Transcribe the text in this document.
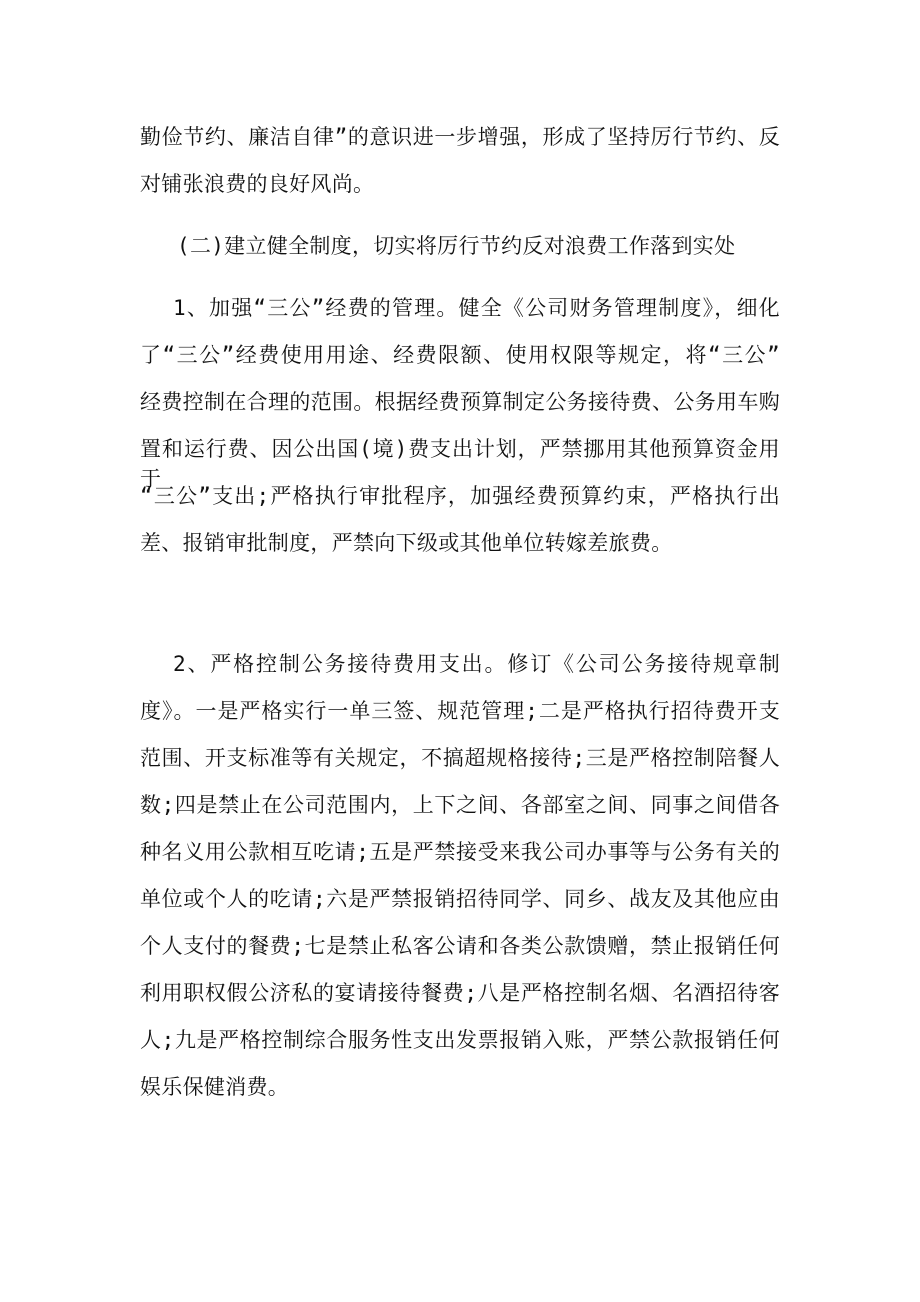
勤俭节约、廉洁自律”的意识进一步增强，形成了坚持厉行节约、反
对铺张浪费的良好风尚。
(二)建立健全制度，切实将厉行节约反对浪费工作落到实处
1、加强“三公”经费的管理。健全《公司财务管理制度》，细化
了“三公”经费使用用途、经费限额、使用权限等规定，将“三公”
经费控制在合理的范围。根据经费预算制定公务接待费、公务用车购
置和运行费、因公出国(境)费支出计划，严禁挪用其他预算资金用于
“三公”支出;严格执行审批程序，加强经费预算约束，严格执行出
差、报销审批制度，严禁向下级或其他单位转嫁差旅费。
2、严格控制公务接待费用支出。修订《公司公务接待规章制
度》。一是严格实行一单三签、规范管理;二是严格执行招待费开支
范围、开支标准等有关规定，不搞超规格接待;三是严格控制陪餐人
数;四是禁止在公司范围内，上下之间、各部室之间、同事之间借各
种名义用公款相互吃请;五是严禁接受来我公司办事等与公务有关的
单位或个人的吃请;六是严禁报销招待同学、同乡、战友及其他应由
个人支付的餐费;七是禁止私客公请和各类公款馈赠，禁止报销任何
利用职权假公济私的宴请接待餐费;八是严格控制名烟、名酒招待客
人;九是严格控制综合服务性支出发票报销入账，严禁公款报销任何
娱乐保健消费。
